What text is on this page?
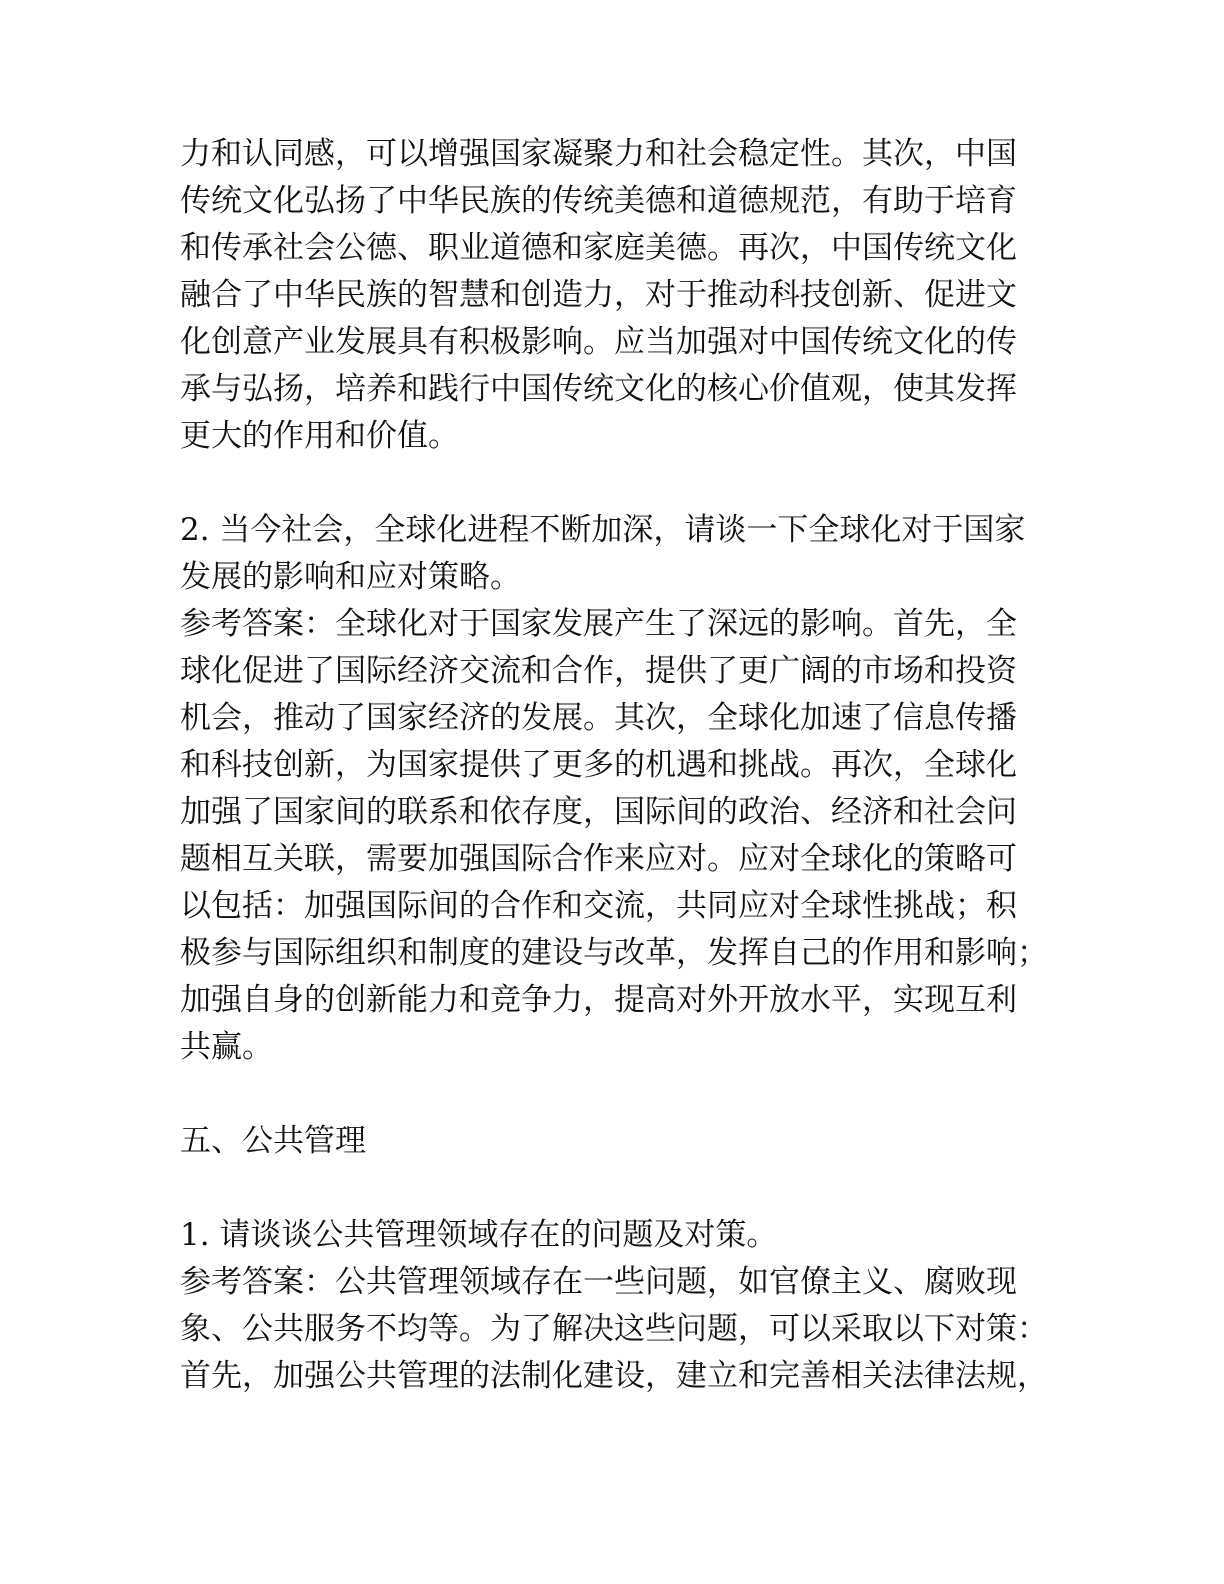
力和认同感，可以增强国家凝聚力和社会稳定性。其次，中国
传统文化弘扬了中华民族的传统美德和道德规范，有助于培育
和传承社会公德、职业道德和家庭美德。再次，中国传统文化
融合了中华民族的智慧和创造力，对于推动科技创新、促进文
化创意产业发展具有积极影响。应当加强对中国传统文化的传
承与弘扬，培养和践行中国传统文化的核心价值观，使其发挥
更大的作用和价值。
2. 当今社会，全球化进程不断加深，请谈一下全球化对于国家
发展的影响和应对策略。
参考答案：全球化对于国家发展产生了深远的影响。首先，全
球化促进了国际经济交流和合作，提供了更广阔的市场和投资
机会，推动了国家经济的发展。其次，全球化加速了信息传播
和科技创新，为国家提供了更多的机遇和挑战。再次，全球化
加强了国家间的联系和依存度，国际间的政治、经济和社会问
题相互关联，需要加强国际合作来应对。应对全球化的策略可
以包括：加强国际间的合作和交流，共同应对全球性挑战；积
极参与国际组织和制度的建设与改革，发挥自己的作用和影响；
加强自身的创新能力和竞争力，提高对外开放水平，实现互利
共赢。
五、公共管理
1. 请谈谈公共管理领域存在的问题及对策。
参考答案：公共管理领域存在一些问题，如官僚主义、腐败现
象、公共服务不均等。为了解决这些问题，可以采取以下对策：
首先，加强公共管理的法制化建设，建立和完善相关法律法规，
